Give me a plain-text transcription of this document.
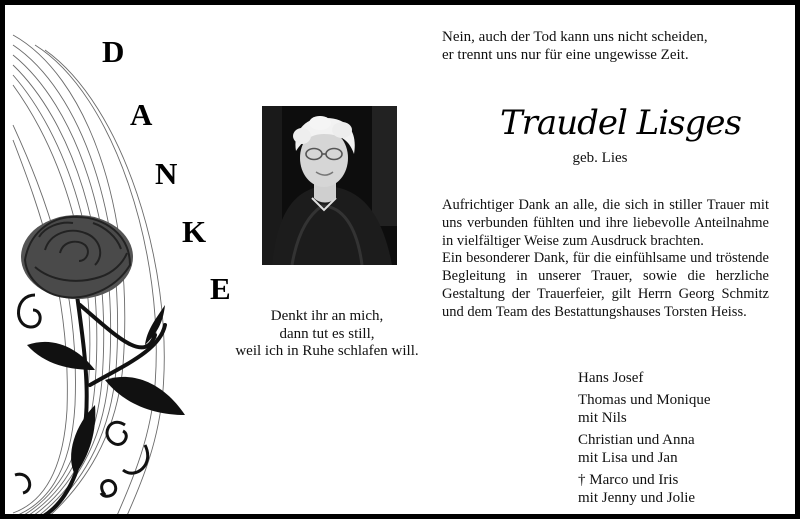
D
A
N
K
E
Denkt ihr an mich,
dann tut es still,
weil ich in Ruhe schlafen will.
Nein, auch der Tod kann uns nicht scheiden,
er trennt uns nur für eine ungewisse Zeit.
Traudel Lisges
geb. Lies

Aufrichtiger Dank an alle, die sich in stiller Trauer mit uns verbunden fühlten und ihre liebevolle Anteilnahme in vielfältiger Weise zum Ausdruck brachten.

Ein besonderer Dank, für die einfühlsame und tröstende Begleitung in unserer Trauer, sowie die herzliche Gestaltung der Trauerfeier, gilt Herrn Georg Schmitz und dem Team des Bestattungshauses Torsten Heiss.

Hans Josef
Thomas und Monique
mit Nils
Christian und Anna
mit Lisa und Jan
† Marco und Iris
mit Jenny und Jolie
